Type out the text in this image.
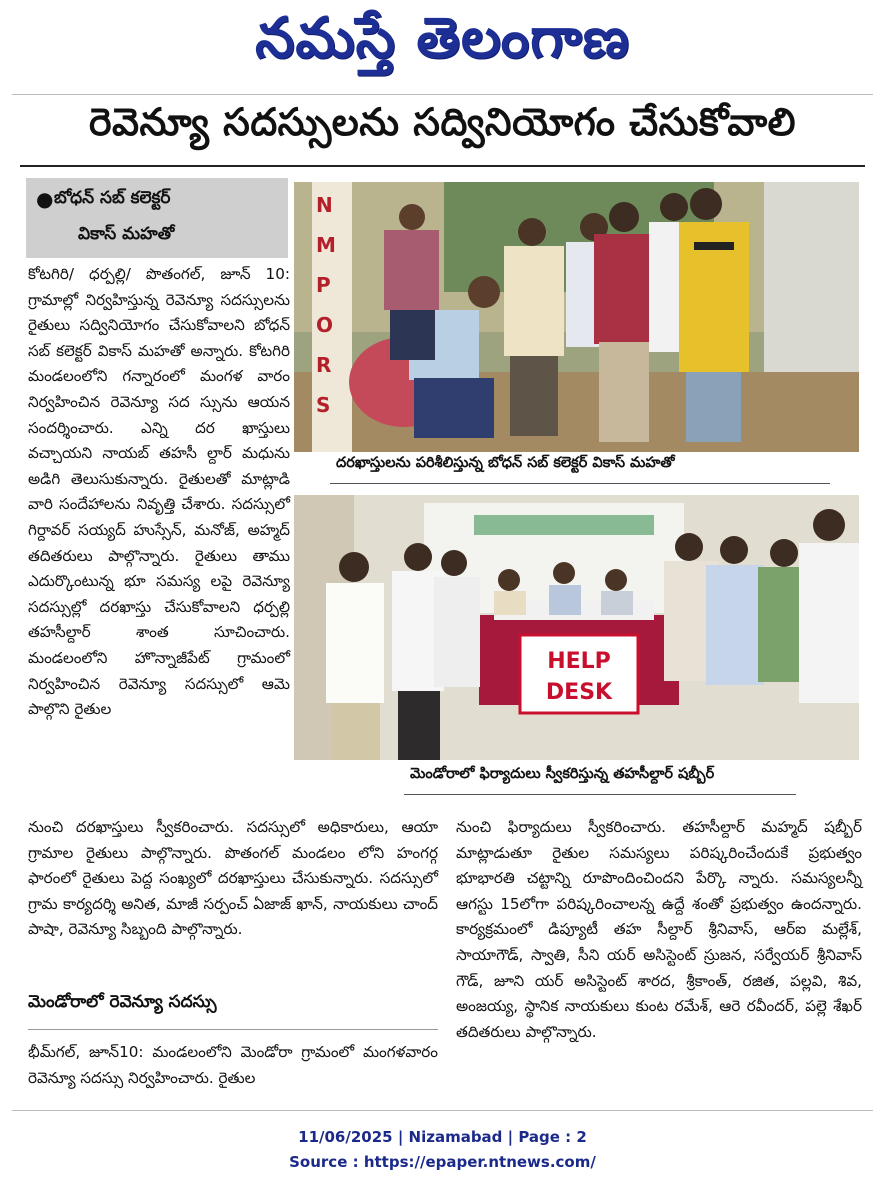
నమస్తే తెలంగాణ
రెవెన్యూ సదస్సులను సద్వినియోగం చేసుకోవాలి
● బోధన్ సబ్ కలెక్టర్
వికాస్ మహతో

కోటగిరి/ ధర్పల్లి/ పొతంగల్, జూన్ 10: గ్రామాల్లో నిర్వహిస్తున్న రెవెన్యూ సదస్సులను రైతులు సద్వినియోగం చేసుకోవాలని బోధన్ సబ్ కలెక్టర్ వికాస్ మహతో అన్నారు. కోటగిరి మండలంలోని గన్నారంలో మంగళ వారం నిర్వహించిన రెవెన్యూ సద స్సును ఆయన సందర్శించారు. ఎన్ని దర ఖాస్తులు వచ్చాయని నాయబ్ తహసీ ల్దార్ మధును అడిగి తెలుసుకున్నారు. రైతులతో మాట్లాడి వారి సందేహాలను నివృత్తి చేశారు. సదస్సులో గిర్దావర్ సయ్యద్ హుస్సేన్, మనోజ్, అహ్మద్ తదితరులు పాల్గొన్నారు. రైతులు తాము ఎదుర్కొంటున్న భూ సమస్య లపై రెవెన్యూ సదస్సుల్లో దరఖాస్తు చేసుకోవాలని ధర్పల్లి తహసీల్దార్ శాంత సూచించారు. మండలంలోని హొన్నాజీపేట్ గ్రామంలో నిర్వహించిన రెవెన్యూ సదస్సులో ఆమె పాల్గొని రైతుల

N
M
P
O
R
S
దరఖాస్తులను పరిశీలిస్తున్న బోధన్ సబ్ కలెక్టర్ వికాస్ మహతో
HELP
DESK
మెండోరాలో ఫిర్యాదులు స్వీకరిస్తున్న తహసీల్దార్ షబ్బీర్

నుంచి దరఖాస్తులు స్వీకరించారు. సదస్సులో అధికారులు, ఆయా గ్రామాల రైతులు పాల్గొన్నారు. పొతంగల్ మండలం లోని హంగర్గ ఫారంలో రైతులు పెద్ద సంఖ్యలో దరఖాస్తులు చేసుకున్నారు. సదస్సులో గ్రామ కార్యదర్శి అనిత, మాజీ సర్పంచ్ ఏజాజ్ ఖాన్, నాయకులు చాంద్ పాషా, రెవెన్యూ సిబ్బంది పాల్గొన్నారు.

మెండోరాలో రెవెన్యూ సదస్సు

భీమ్‌గల్, జూన్10: మండలంలోని మెండోరా గ్రామంలో మంగళవారం రెవెన్యూ సదస్సు నిర్వహించారు. రైతుల

నుంచి ఫిర్యాదులు స్వీకరించారు. తహసీల్దార్ మహ్మద్ షబ్బీర్ మాట్లాడుతూ రైతుల సమస్యలు పరిష్కరించేందుకే ప్రభుత్వం భూభారతి చట్టాన్ని రూపొందించిందని పేర్కొ న్నారు. సమస్యలన్నీ ఆగస్టు 15లోగా పరిష్కరించాలన్న ఉద్దే శంతో ప్రభుత్వం ఉందన్నారు. కార్యక్రమంలో డిప్యూటీ తహ సీల్దార్ శ్రీనివాస్, ఆర్ఐ మల్లేశ్, సాయాగౌడ్, స్వాతి, సీని యర్ అసిస్టెంట్ స్రుజన, సర్వేయర్ శ్రీనివాస్ గౌడ్, జూని యర్ అసిస్టెంట్ శారద, శ్రీకాంత్, రజిత, పల్లవి, శివ, అంజయ్య, స్థానిక నాయకులు కుంట రమేశ్, ఆరె రవీందర్, పల్లె శేఖర్ తదితరులు పాల్గొన్నారు.

11/06/2025 | Nizamabad | Page : 2
Source : https://epaper.ntnews.com/
